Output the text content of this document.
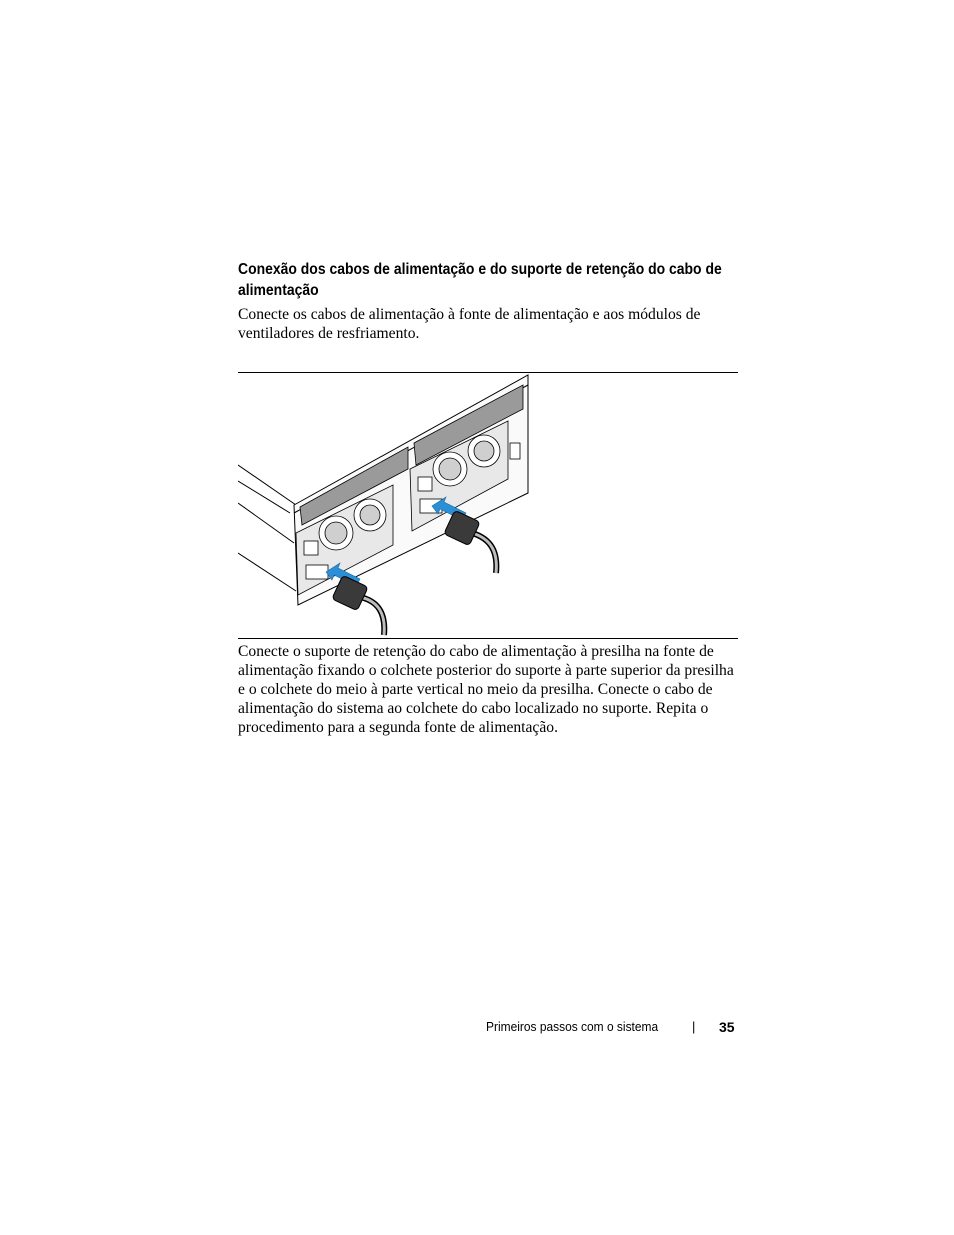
Conexão dos cabos de alimentação e do suporte de retenção do cabo de alimentação

Conecte os cabos de alimentação à fonte de alimentação e aos módulos de ventiladores de resfriamento.

Conecte o suporte de retenção do cabo de alimentação à presilha na fonte de alimentação fixando o colchete posterior do suporte à parte superior da presilha e o colchete do meio à parte vertical no meio da presilha. Conecte o cabo de alimentação do sistema ao colchete do cabo localizado no suporte. Repita o procedimento para a segunda fonte de alimentação.

Primeiros passos com o sistema	| 35
